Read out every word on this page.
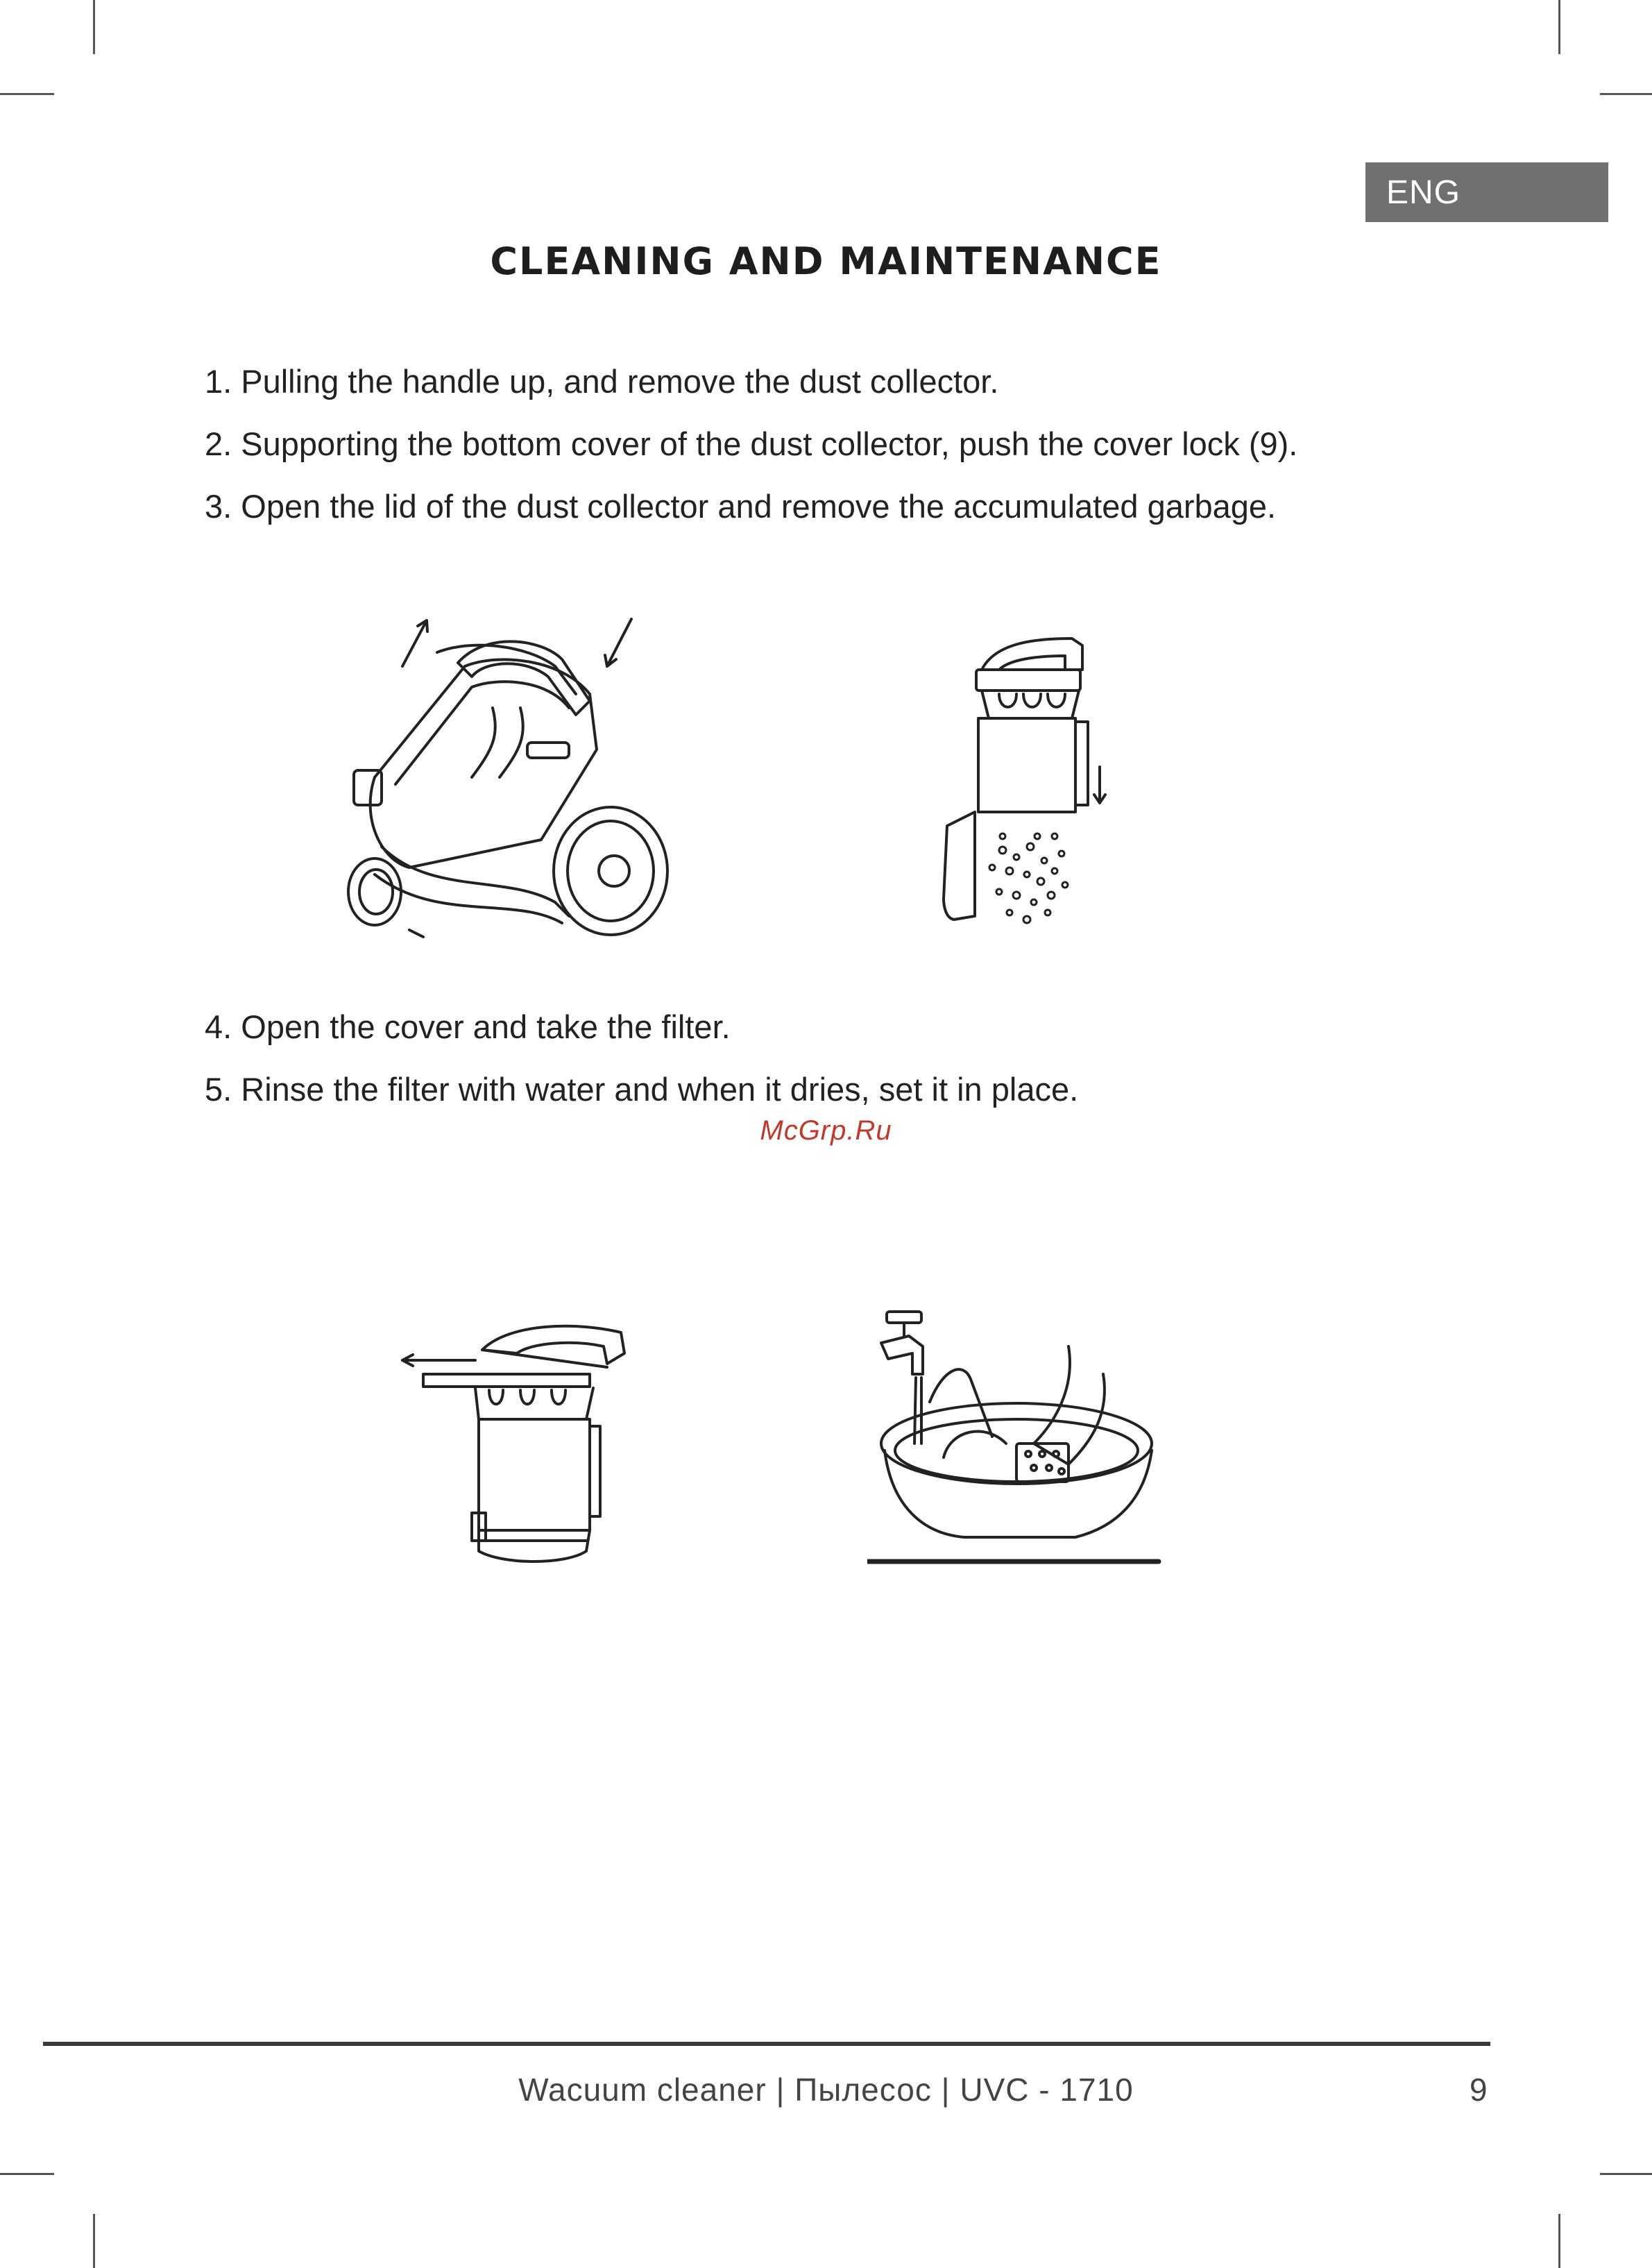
ENG
CLEANING AND MAINTENANCE
1. Pulling the handle up, and remove the dust collector.
2. Supporting the bottom cover of the dust collector, push the cover lock (9).
3. Open the lid of the dust collector and remove the accumulated garbage.
4. Open the cover and take the filter.
5. Rinse the filter with water and when it dries, set it in place.
McGrp.Ru
Wacuum cleaner | Пылесос | UVC - 1710	9
